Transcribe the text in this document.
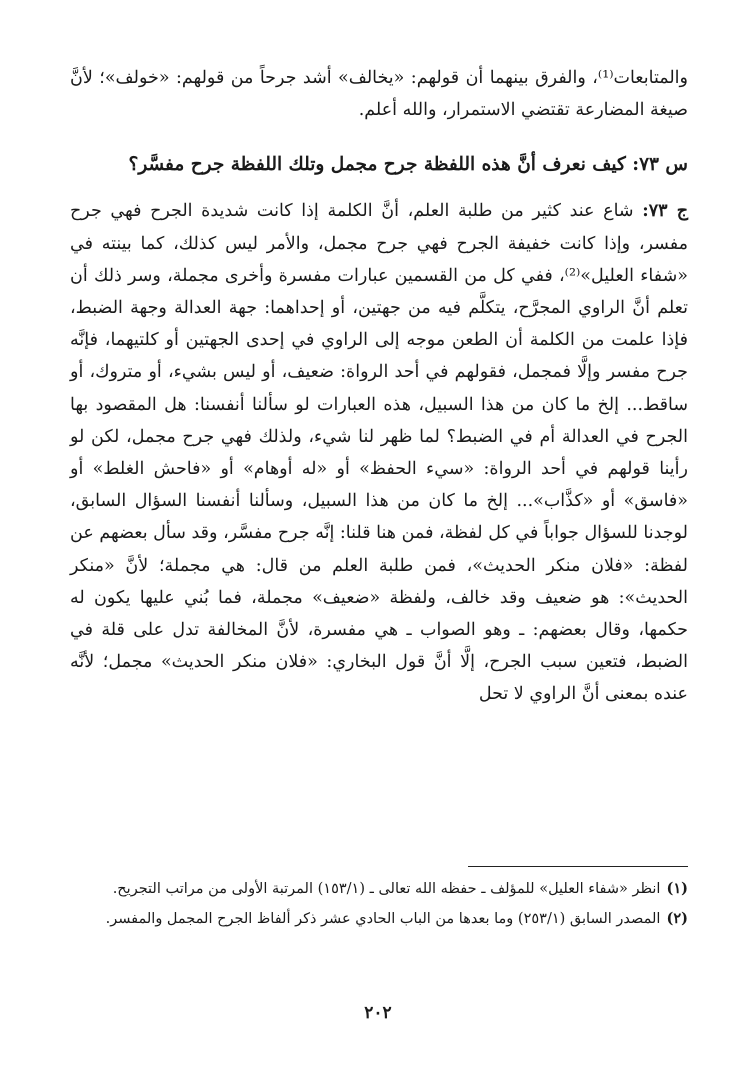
والمتابعات⁽¹⁾، والفرق بينهما أن قولهم: «يخالف» أشد جرحاً من قولهم: «خولف»؛ لأنَّ صيغة المضارعة تقتضي الاستمرار، والله أعلم.

س ٧٣: كيف نعرف أنَّ هذه اللفظة جرح مجمل وتلك اللفظة جرح مفسَّر؟

ج ٧٣: شاع عند كثير من طلبة العلم، أنَّ الكلمة إذا كانت شديدة الجرح فهي جرح مفسر، وإذا كانت خفيفة الجرح فهي جرح مجمل، والأمر ليس كذلك، كما بينته في «شفاء العليل»⁽²⁾، ففي كل من القسمين عبارات مفسرة وأخرى مجملة، وسر ذلك أن تعلم أنَّ الراوي المجرَّح، يتكلَّم فيه من جهتين، أو إحداهما: جهة العدالة وجهة الضبط، فإذا علمت من الكلمة أن الطعن موجه إلى الراوي في إحدى الجهتين أو كلتيهما، فإنَّه جرح مفسر وإلَّا فمجمل، فقولهم في أحد الرواة: ضعيف، أو ليس بشيء، أو متروك، أو ساقط... إلخ ما كان من هذا السبيل، هذه العبارات لو سألنا أنفسنا: هل المقصود بها الجرح في العدالة أم في الضبط؟ لما ظهر لنا شيء، ولذلك فهي جرح مجمل، لكن لو رأينا قولهم في أحد الرواة: «سيء الحفظ» أو «له أوهام» أو «فاحش الغلط» أو «فاسق» أو «كذَّاب»... إلخ ما كان من هذا السبيل، وسألنا أنفسنا السؤال السابق، لوجدنا للسؤال جواباً في كل لفظة، فمن هنا قلنا: إنَّه جرح مفسَّر، وقد سأل بعضهم عن لفظة: «فلان منكر الحديث»، فمن طلبة العلم من قال: هي مجملة؛ لأنَّ «منكر الحديث»: هو ضعيف وقد خالف، ولفظة «ضعيف» مجملة، فما بُني عليها يكون له حكمها، وقال بعضهم: ـ وهو الصواب ـ هي مفسرة، لأنَّ المخالفة تدل على قلة في الضبط، فتعين سبب الجرح، إلَّا أنَّ قول البخاري: «فلان منكر الحديث» مجمل؛ لأنَّه عنده بمعنى أنَّ الراوي لا تحل

(١)انظر «شفاء العليل» للمؤلف ـ حفظه الله تعالى ـ (١٥٣/١) المرتبة الأولى من مراتب التجريح.

(٢)المصدر السابق (٢٥٣/١) وما بعدها من الباب الحادي عشر ذكر ألفاظ الجرح المجمل والمفسر.

٢٠٢
